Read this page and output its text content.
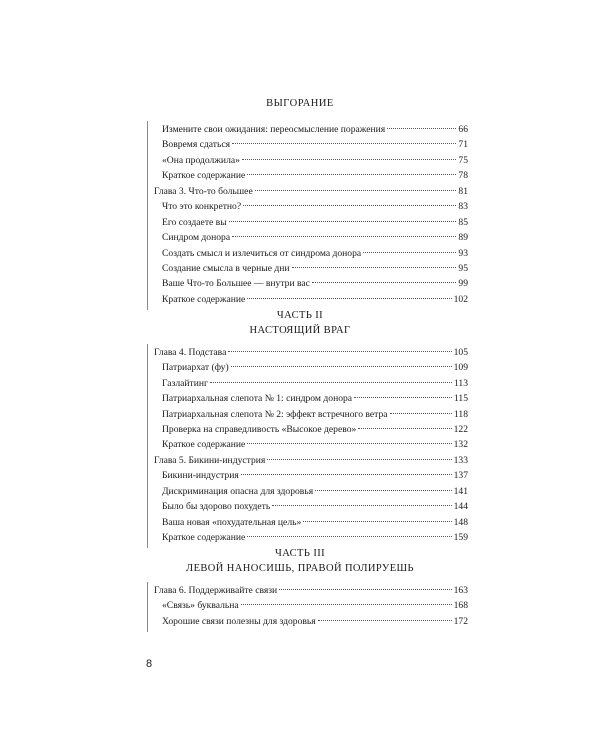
ВЫГОРАНИЕ
Измените свои ожидания: переосмысление поражения	66
Вовремя сдаться	71
«Она продолжила»	75
Краткое содержание	78
Глава 3. Что-то большее	81
Что это конкретно?	83
Его создаете вы	85
Синдром донора	89
Создать смысл и излечиться от синдрома донора	93
Создание смысла в черные дни	95
Ваше Что-то Большее — внутри вас	99
Краткое содержание	102
ЧАСТЬ II
НАСТОЯЩИЙ ВРАГ
Глава 4. Подстава	105
Патриархат (фу)	109
Газлайтинг	113
Патриархальная слепота № 1: синдром донора	115
Патриархальная слепота № 2: эффект встречного ветра	118
Проверка на справедливость «Высокое дерево»	122
Краткое содержание	132
Глава 5. Бикини-индустрия	133
Бикини-индустрия	137
Дискриминация опасна для здоровья	141
Было бы здорово похудеть	144
Ваша новая «похудательная цель»	148
Краткое содержание	159
ЧАСТЬ III
ЛЕВОЙ НАНОСИШЬ, ПРАВОЙ ПОЛИРУЕШЬ
Глава 6. Поддерживайте связи	163
«Связь» буквальна	168
Хорошие связи полезны для здоровья	172
8
